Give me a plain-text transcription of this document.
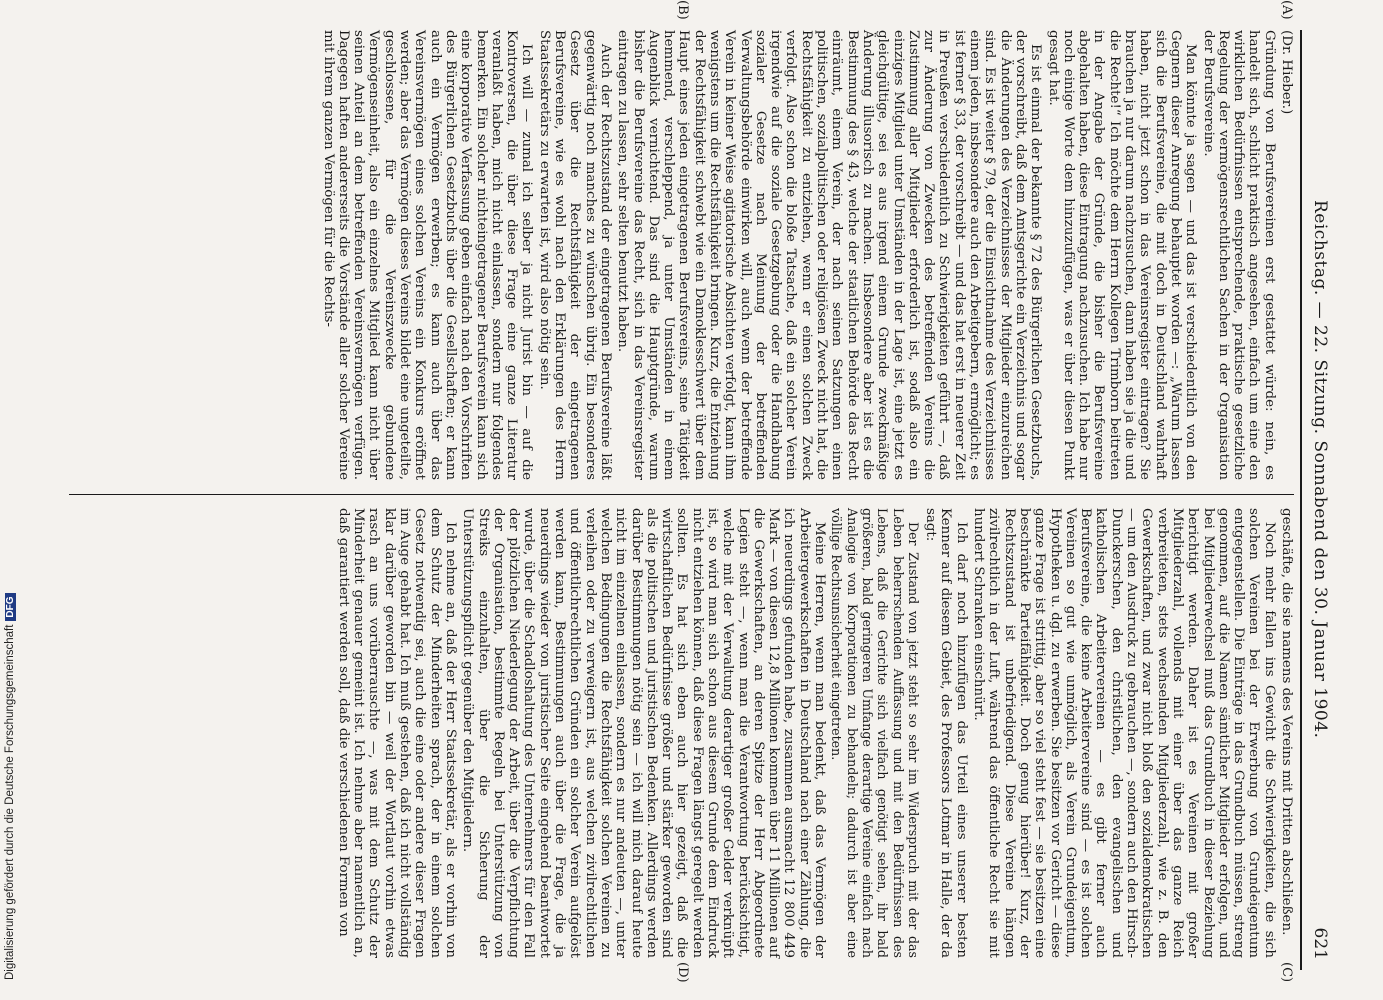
Reichstag. — 22. Sitzung. Sonnabend den 30. Januar 1904.
621

(Dr. Hieber.)

Gründung von Berufsvereinen erst gestattet würde: nein, es handelt sich, schlicht praktisch angesehen, einfach um eine den wirklichen Bedürfnissen entsprechende, praktische gesetzliche Regelung der vermögensrechtlichen Sachen in der Organisation der Berufsvereine.

Man könnte ja sagen — und das ist verschiedentlich von den Gegnern dieser Anregung behauptet worden —: „Warum lassen sich die Berufsvereine, die mit doch in Deutschland wahrhaft haben, nicht jetzt schon in das Vereinsregister eintragen? Sie brauchen ja nur darum nachzusuchen, dann haben sie ja die und die Rechte!“ Ich möchte dem Herrn Kollegen Trimborn beitreten in der Angabe der Gründe, die bisher die Berufsvereine abgehalten haben, diese Eintragung nachzusuchen. Ich habe nur noch einige Worte dem hinzuzufügen, was er über diesen Punkt gesagt hat.

Es ist einmal der bekannte § 72 des Bürgerlichen Gesetzbuchs, der vorschreibt, daß dem Amtsgerichte ein Verzeichnis und sogar die Änderungen des Verzeichnisses der Mitglieder einzureichen sind. Es ist weiter § 79, der die Einsichtnahme des Verzeichnisses einem jeden, insbesondere auch den Arbeitgebern, ermöglicht; es ist ferner § 33, der vorschreibt — und das hat erst in neuerer Zeit in Preußen verschiedentlich zu Schwierigkeiten geführt —, daß zur Änderung von Zwecken des betreffenden Vereins die Zustimmung aller Mitglieder erforderlich ist, sodaß also ein einziges Mitglied unter Umständen in der Lage ist, eine jetzt es gleichgültige, sei es aus irgend einem Grunde zweckmäßige Änderung illusorisch zu machen. Insbesondere aber ist es die Bestimmung des § 43, welche der staatlichen Behörde das Recht einräumt, einem Verein, der nach seinen Satzungen einen politischen, sozialpolitischen oder religiösen Zweck nicht hat, die Rechtsfähigkeit zu entziehen, wenn er einen solchen Zweck verfolgt. Also schon die bloße Tatsache, daß ein solcher Verein irgendwie auf die soziale Gesetzgebung oder die Handhabung sozialer Gesetze nach Meinung der betreffenden Verwaltungsbehörde einwirken will, auch wenn der betreffende Verein in keiner Weise agitatorische Absichten verfolgt, kann ihm wenigstens um die Rechtsfähigkeit bringen. Kurz, die Entziehung der Rechtsfähigkeit schwebt wie ein Damoklesschwert über dem Haupt eines jeden eingetragenen Berufsvereins, seine Tätigkeit hemmend, verschleppend, ja unter Umständen in einem Augenblick vernichtend. Das sind die Hauptgründe, warum bisher die Berufsvereine das Recht, sich in das Vereinsregister eintragen zu lassen, sehr selten benutzt haben.

Auch der Rechtszustand der eingetragenen Berufsvereine läßt gegenwärtig noch manches zu wünschen übrig. Ein besonderes Gesetz über die Rechtsfähigkeit der eingetragenen Berufsvereine, wie es wohl nach den Erklärungen des Herrn Staatssekretärs zu erwarten ist, wird also nötig sein.

Ich will — zumal ich selber ja nicht Jurist bin — auf die Kontroversen, die über diese Frage eine ganze Literatur veranlaßt haben, mich nicht einlassen, sondern nur folgendes bemerken. Ein solcher nichteingetragener Berufsverein kann sich eine korporative Verfassung geben einfach nach den Vorschriften des Bürgerlichen Gesetzbuchs über die Gesellschaften; er kann auch ein Vermögen erwerben; es kann auch über das Vereinsvermögen eines solchen Vereins ein Konkurs eröffnet werden; aber das Vermögen dieses Vereins bildet eine ungeteilte, geschlossene, für die Vereinszwecke gebundene Vermögenseinheit, also ein einzelnes Mitglied kann nicht über seinen Anteil an dem betreffenden Vereinsvermögen verfügen. Dagegen haften andererseits die Vorstände aller solcher Vereine mit ihrem ganzen Vermögen für die Rechts-

geschäfte, die sie namens des Vereins mit Dritten abschließen.

Noch mehr fallen ins Gewicht die Schwierigkeiten, die sich solchen Vereinen bei der Erwerbung von Grundeigentum entgegenstellen. Die Einträge in das Grundbuch müssen, streng genommen, auf die Namen sämtlicher Mitglieder erfolgen, und bei Mitgliederwechsel muß das Grundbuch in dieser Beziehung berichtigt werden. Daher ist es Vereinen mit großer Mitgliederzahl, vollends mit einer über das ganze Reich verbreiteten, stets wechselnden Mitgliederzahl, wie z. B. den Gewerkschaften, und zwar nicht bloß den sozialdemokratischen — um den Ausdruck zu gebrauchen —, sondern auch den Hirsch-Dunckerschen, den christlichen, den evangelischen und katholischen Arbeitervereinen — es gibt ferner auch Berufsvereine, die keine Arbeitervereine sind — es ist solchen Vereinen so gut wie unmöglich, als Verein Grundeigentum, Hypotheken u. dgl. zu erwerben. Sie besitzen vor Gericht — diese ganze Frage ist strittig, aber so viel steht fest — sie besitzen eine beschränkte Parteifähigkeit. Doch genug hierüber! Kurz, der Rechtszustand ist unbefriedigend. Diese Vereine hängen zivilrechtlich in der Luft, während das öffentliche Recht sie mit hundert Schranken einschnürt.

Ich darf noch hinzufügen das Urteil eines unserer besten Kenner auf diesem Gebiet, des Professors Lotmar in Halle, der da sagt:

Der Zustand von jetzt steht so sehr im Widerspruch mit der das Leben beherrschenden Auffassung und mit den Bedürfnissen des Lebens, daß die Gerichte sich vielfach genötigt sehen, ihr bald größeren, bald geringeren Umfange derartige Vereine einfach nach Analogie von Korporationen zu behandeln; dadurch ist aber eine völlige Rechtsunsicherheit eingetreten.

Meine Herren, wenn man bedenkt, daß das Vermögen der Arbeitergewerkschaften in Deutschland nach einer Zählung, die ich neuerdings gefunden habe, zusammen ausmacht 12 800 449 Mark — von diesen 12,8 Millionen kommen über 11 Millionen auf die Gewerkschaften, an deren Spitze der Herr Abgeordnete Legien steht —, wenn man die Verantwortung berücksichtigt, welche mit der Verwaltung derartiger großer Gelder verknüpft ist, so wird man sich schon aus diesem Grunde dem Eindruck nicht entziehen können, daß diese Fragen längst geregelt werden sollten. Es hat sich eben auch hier gezeigt, daß die wirtschaftlichen Bedürfnisse größer und stärker geworden sind als die politischen und juristischen Bedenken. Allerdings werden darüber Bestimmungen nötig sein — ich will mich darauf heute nicht im einzelnen einlassen, sondern es nur andeuten —, unter welchen Bedingungen die Rechtsfähigkeit solchen Vereinen zu verleihen oder zu verweigern ist, aus welchen zivilrechtlichen und öffentlichrechtlichen Gründen ein solcher Verein aufgelöst werden kann, Bestimmungen auch über die Frage, die ja neuerdings wieder von juristischer Seite eingehend beantwortet wurde, über die Schadloshaltung des Unternehmers für den Fall der plötzlichen Niederlegung der Arbeit, über die Verpflichtung der Organisation, bestimmte Regeln bei Unterstützung von Streiks einzuhalten, über die Sicherung der Unterstützungspflicht gegenüber den Mitgliedern.

Ich nehme an, daß der Herr Staatssekretär, als er vorhin von dem Schutz der Minderheiten sprach, der in einem solchen Gesetz notwendig sei, auch die eine oder andere dieser Fragen im Auge gehabt hat. Ich muß gestehen, daß ich nicht vollständig klar darüber geworden bin — weil der Wortlaut vorhin etwas rasch an uns vorüberrauschte —, was mit dem Schutz der Minderheit genauer gemeint ist. Ich nehme aber namentlich an, daß garantiert werden soll, daß die verschiedenen Formen von

(A)
(B)
(C)
(D)
Digitalisierung gefördert durch die Deutsche ForschungsgemeinschaftDFG
